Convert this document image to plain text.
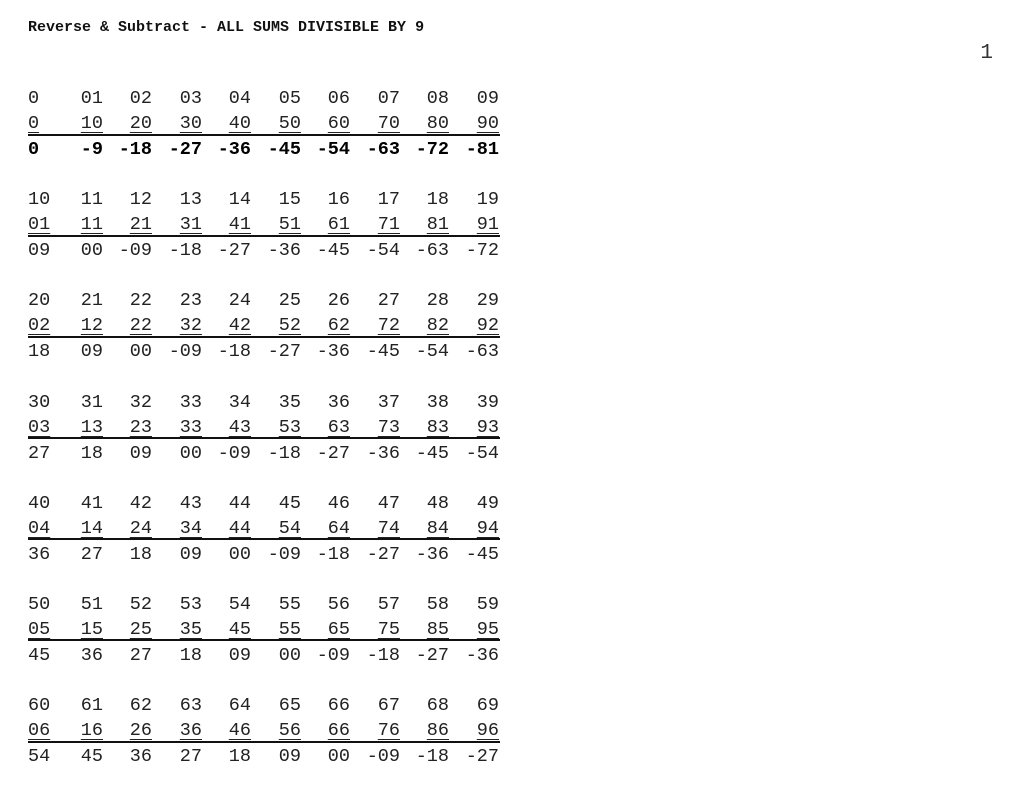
Reverse & Subtract - ALL SUMS DIVISIBLE BY 9
1
0 01 02 03 04 05 06 07 08 09
0 10 20 30 40 50 60 70 80 90
0 -9 -18 -27 -36 -45 -54 -63 -72 -81
10 11 12 13 14 15 16 17 18 19
01 11 21 31 41 51 61 71 81 91
09 00 -09 -18 -27 -36 -45 -54 -63 -72
20 21 22 23 24 25 26 27 28 29
02 12 22 32 42 52 62 72 82 92
18 09 00 -09 -18 -27 -36 -45 -54 -63
30 31 32 33 34 35 36 37 38 39
03 13 23 33 43 53 63 73 83 93
27 18 09 00 -09 -18 -27 -36 -45 -54
40 41 42 43 44 45 46 47 48 49
04 14 24 34 44 54 64 74 84 94
36 27 18 09 00 -09 -18 -27 -36 -45
50 51 52 53 54 55 56 57 58 59
05 15 25 35 45 55 65 75 85 95
45 36 27 18 09 00 -09 -18 -27 -36
60 61 62 63 64 65 66 67 68 69
06 16 26 36 46 56 66 76 86 96
54 45 36 27 18 09 00 -09 -18 -27
